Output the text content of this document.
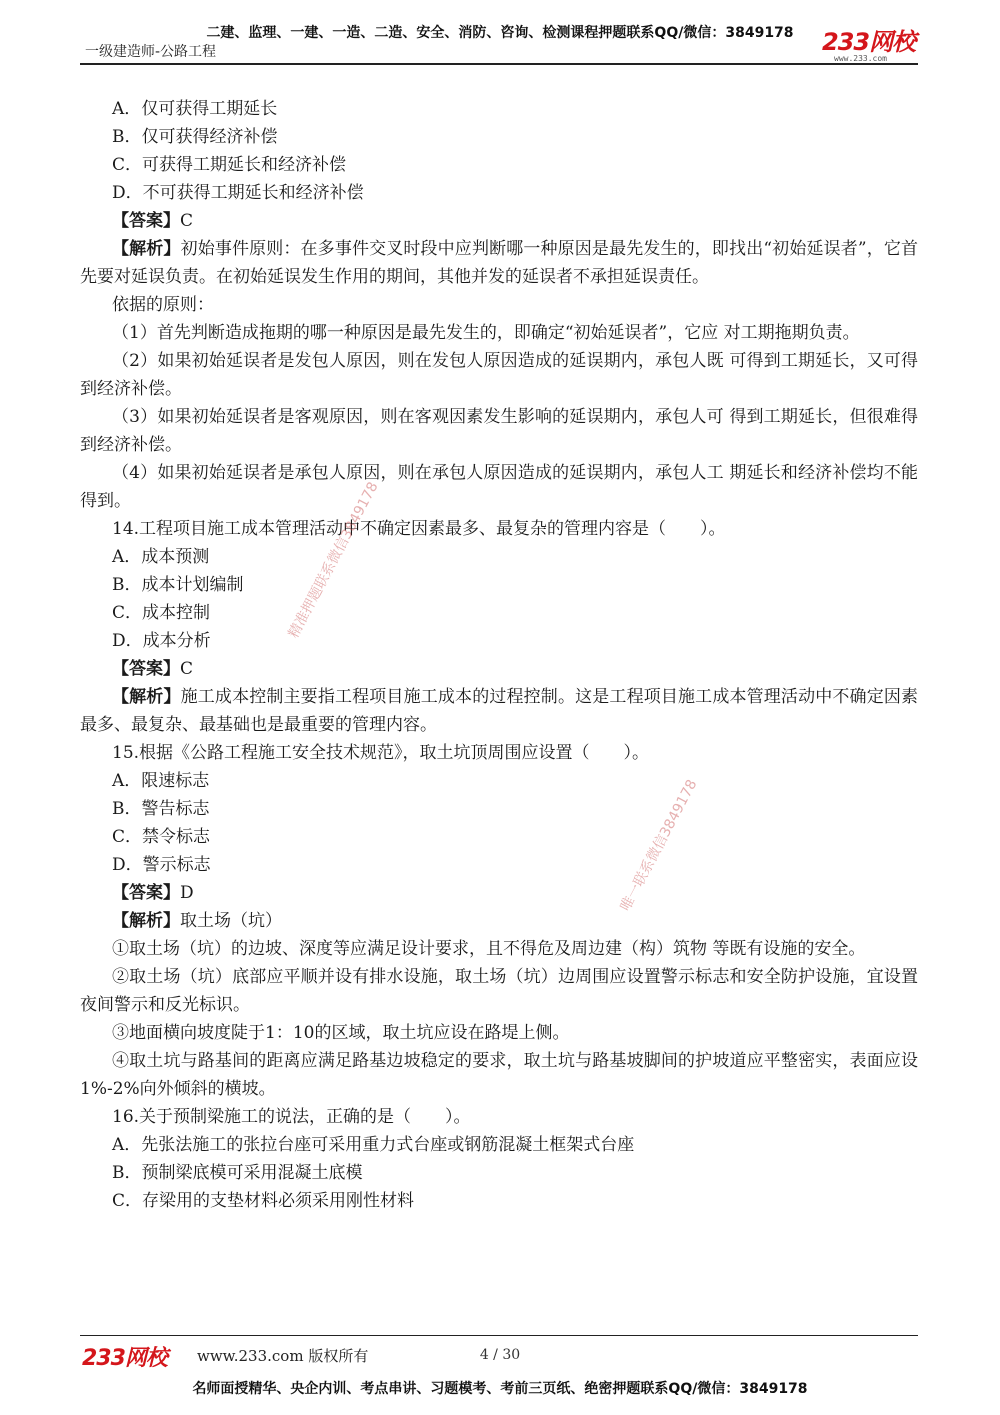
二建、监理、一建、一造、二造、安全、消防、咨询、检测课程押题联系QQ/微信：3849178
一级建造师-公路工程	233网校
www.233.com

A．仅可获得工期延长

B．仅可获得经济补偿

C．可获得工期延长和经济补偿

D．不可获得工期延长和经济补偿

【答案】C

【解析】初始事件原则：在多事件交叉时段中应判断哪一种原因是最先发生的，即找出“初始延误者”，它首先要对延误负责。在初始延误发生作用的期间，其他并发的延误者不承担延误责任。

依据的原则：

（1）首先判断造成拖期的哪一种原因是最先发生的，即确定“初始延误者”，它应 对工期拖期负责。

（2）如果初始延误者是发包人原因，则在发包人原因造成的延误期内，承包人既 可得到工期延长，又可得到经济补偿。

（3）如果初始延误者是客观原因，则在客观因素发生影响的延误期内，承包人可 得到工期延长，但很难得到经济补偿。

（4）如果初始延误者是承包人原因，则在承包人原因造成的延误期内，承包人工 期延长和经济补偿均不能得到。

14.工程项目施工成本管理活动中不确定因素最多、最复杂的管理内容是（　　）。

A．成本预测

B．成本计划编制

C．成本控制

D．成本分析

【答案】C

【解析】施工成本控制主要指工程项目施工成本的过程控制。这是工程项目施工成本管理活动中不确定因素最多、最复杂、最基础也是最重要的管理内容。

15.根据《公路工程施工安全技术规范》，取土坑顶周围应设置（　　）。

A．限速标志

B．警告标志

C．禁令标志

D．警示标志

【答案】D

【解析】取土场（坑）

①取土场（坑）的边坡、深度等应满足设计要求，且不得危及周边建（构）筑物 等既有设施的安全。

②取土场（坑）底部应平顺并设有排水设施，取土场（坑）边周围应设置警示标志和安全防护设施，宜设置夜间警示和反光标识。

③地面横向坡度陡于1：10的区域，取土坑应设在路堤上侧。

④取土坑与路基间的距离应满足路基边坡稳定的要求，取土坑与路基坡脚间的护坡道应平整密实，表面应设1%-2%向外倾斜的横坡。

16.关于预制梁施工的说法，正确的是（　　）。

A．先张法施工的张拉台座可采用重力式台座或钢筋混凝土框架式台座

B．预制梁底模可采用混凝土底模

C．存梁用的支垫材料必须采用刚性材料

精准押题联系微信3849178
唯一联系微信3849178
233网校 www.233.com 版权所有	4 / 30
名师面授精华、央企内训、考点串讲、习题模考、考前三页纸、绝密押题联系QQ/微信：3849178
